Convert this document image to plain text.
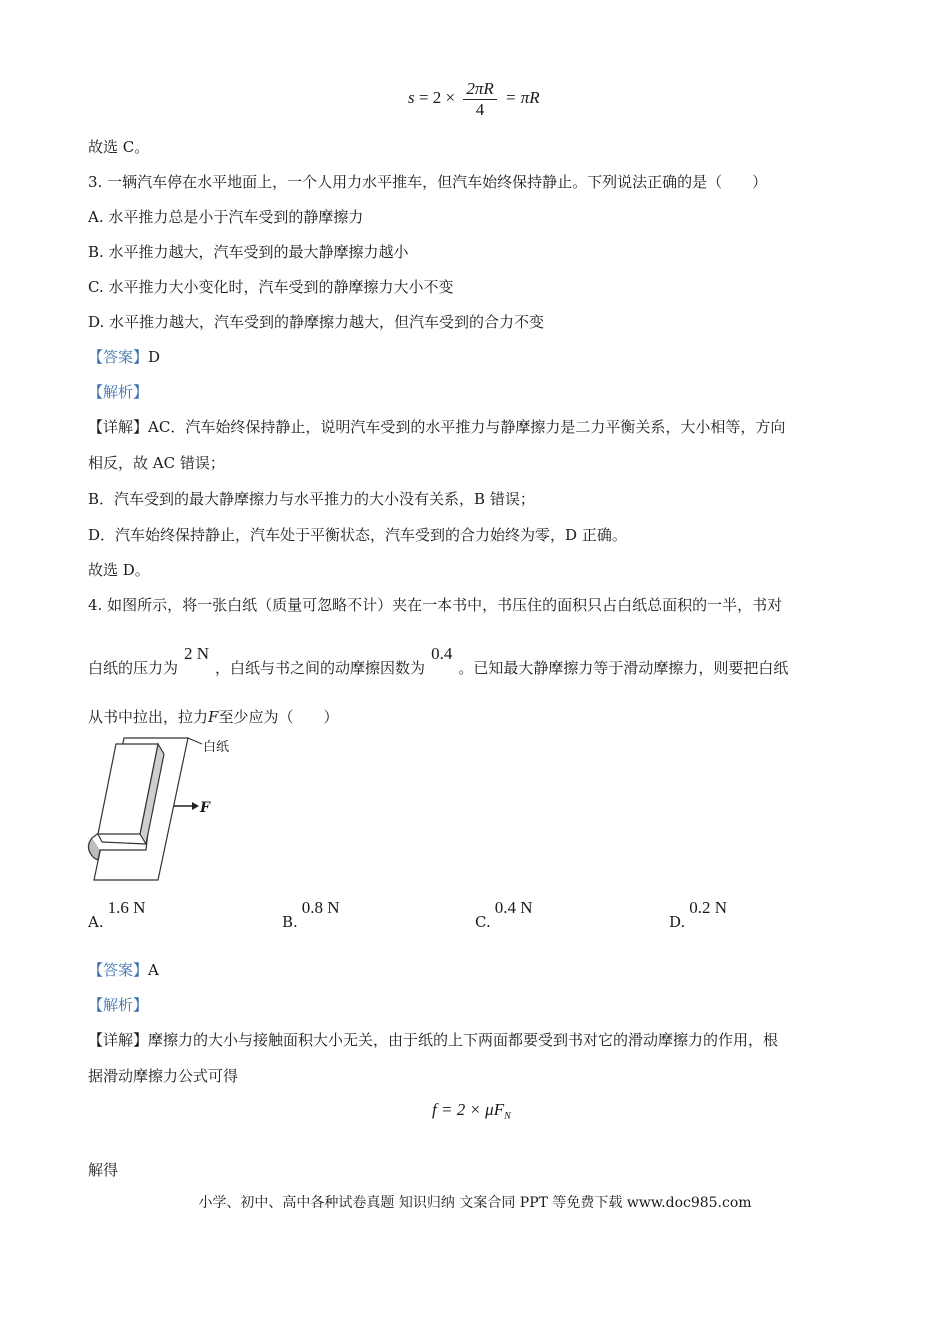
$s = 2 \times \frac{2\pi R}{4} = \pi R$
故选 C。
3. 一辆汽车停在水平地面上，一个人用力水平推车，但汽车始终保持静止。下列说法正确的是（　　）
A. 水平推力总是小于汽车受到的静摩擦力
B. 水平推力越大，汽车受到的最大静摩擦力越小
C. 水平推力大小变化时，汽车受到的静摩擦力大小不变
D. 水平推力越大，汽车受到的静摩擦力越大，但汽车受到的合力不变
【答案】D
【解析】
【详解】AC．汽车始终保持静止，说明汽车受到的水平推力与静摩擦力是二力平衡关系，大小相等，方向
相反，故 AC 错误；
B．汽车受到的最大静摩擦力与水平推力的大小没有关系，B 错误；
D．汽车始终保持静止，汽车处于平衡状态，汽车受到的合力始终为零，D 正确。
故选 D。
4. 如图所示，将一张白纸（质量可忽略不计）夹在一本书中，书压住的面积只占白纸总面积的一半，书对
白纸的压力为2 N，白纸与书之间的动摩擦因数为0.4。已知最大静摩擦力等于滑动摩擦力，则要把白纸
从书中拉出，拉力F至少应为（　　）
白纸
F
A.1.6 N
B.0.8 N
C.0.4 N
D.0.2 N
【答案】A
【解析】
【详解】摩擦力的大小与接触面积大小无关，由于纸的上下两面都要受到书对它的滑动摩擦力的作用，根
据滑动摩擦力公式可得
$f = 2 \times \mu F_N$
解得
小学、初中、高中各种试卷真题 知识归纳 文案合同 PPT 等免费下载 www.doc985.com
